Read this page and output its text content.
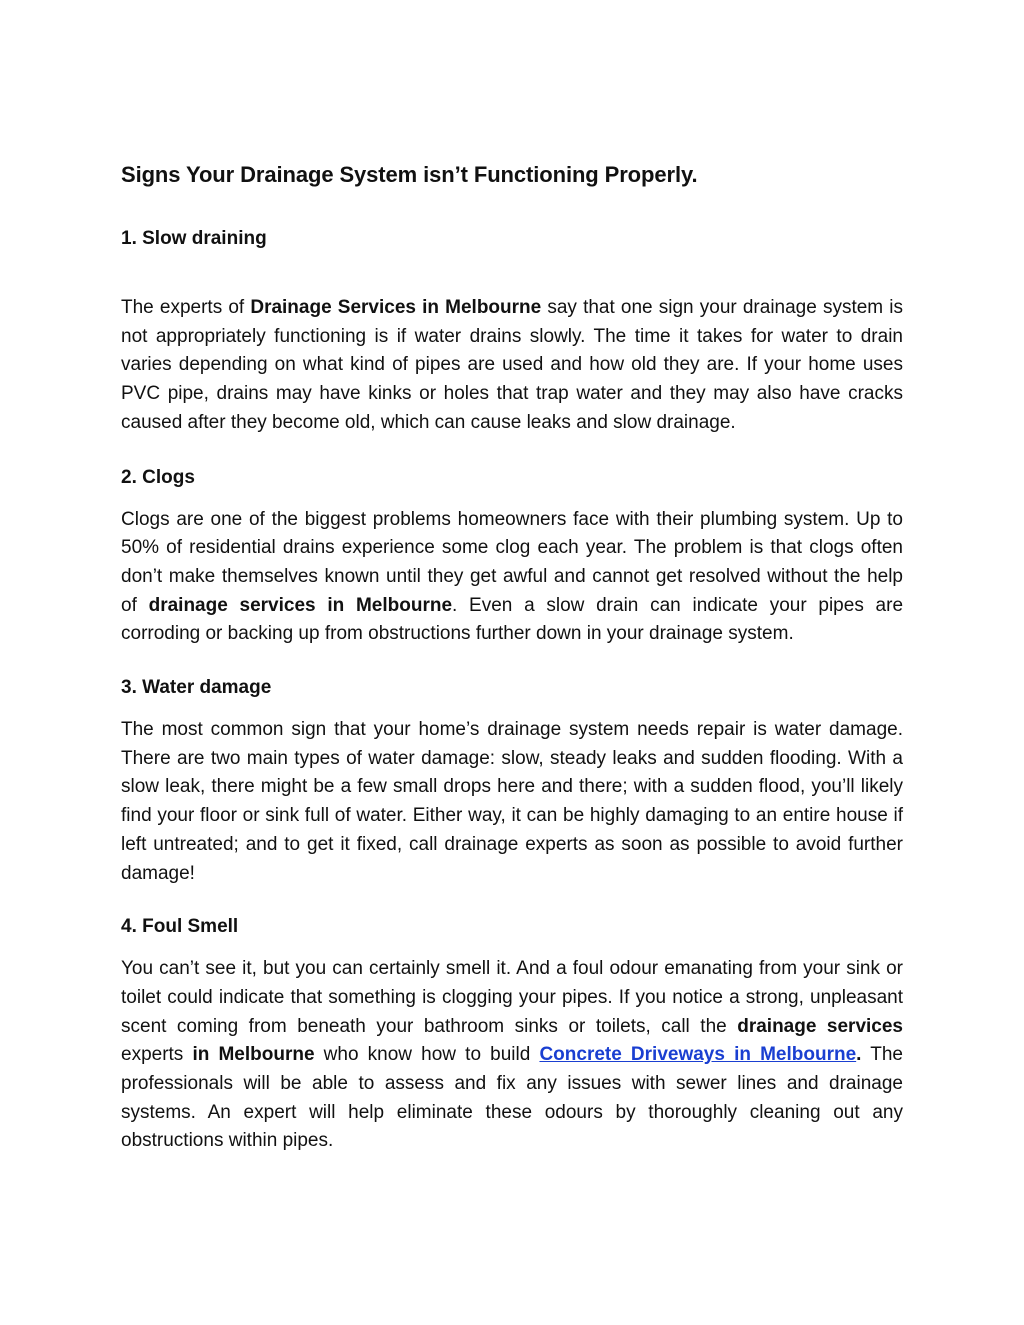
Signs Your Drainage System isn’t Functioning Properly.
1. Slow draining

The experts of Drainage Services in Melbourne say that one sign your drainage system is not appropriately functioning is if water drains slowly. The time it takes for water to drain varies depending on what kind of pipes are used and how old they are. If your home uses PVC pipe, drains may have kinks or holes that trap water and they may also have cracks caused after they become old, which can cause leaks and slow drainage.

2. Clogs

Clogs are one of the biggest problems homeowners face with their plumbing system. Up to 50% of residential drains experience some clog each year. The problem is that clogs often don’t make themselves known until they get awful and cannot get resolved without the help of drainage services in Melbourne. Even a slow drain can indicate your pipes are corroding or backing up from obstructions further down in your drainage system.

3. Water damage

The most common sign that your home’s drainage system needs repair is water damage. There are two main types of water damage: slow, steady leaks and sudden flooding. With a slow leak, there might be a few small drops here and there; with a sudden flood, you’ll likely find your floor or sink full of water. Either way, it can be highly damaging to an entire house if left untreated; and to get it fixed, call drainage experts as soon as possible to avoid further damage!

4. Foul Smell

You can’t see it, but you can certainly smell it. And a foul odour emanating from your sink or toilet could indicate that something is clogging your pipes. If you notice a strong, unpleasant scent coming from beneath your bathroom sinks or toilets, call the drainage services experts in Melbourne who know how to build Concrete Driveways in Melbourne. The professionals will be able to assess and fix any issues with sewer lines and drainage systems. An expert will help eliminate these odours by thoroughly cleaning out any obstructions within pipes.
